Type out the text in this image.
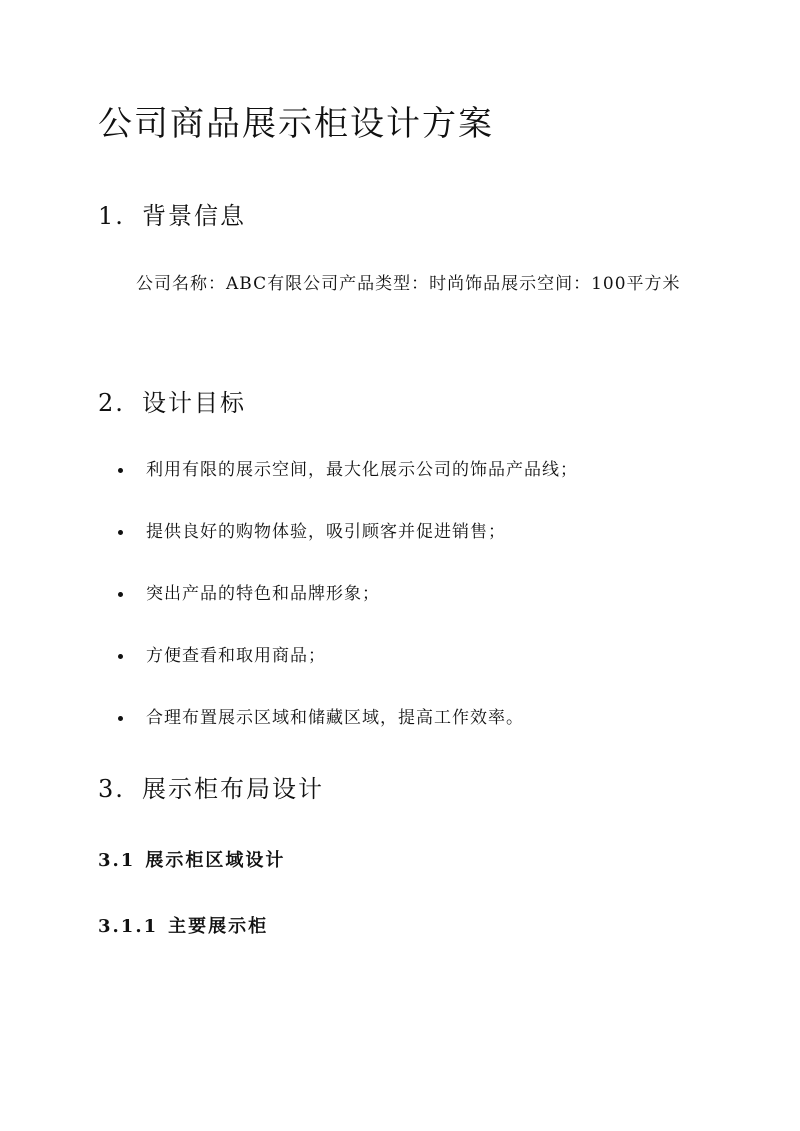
公司商品展示柜设计方案
1. 背景信息

公司名称：ABC有限公司产品类型：时尚饰品展示空间：100平方米

2. 设计目标
利用有限的展示空间，最大化展示公司的饰品产品线；
提供良好的购物体验，吸引顾客并促进销售；
突出产品的特色和品牌形象；
方便查看和取用商品；
合理布置展示区域和储藏区域，提高工作效率。
3. 展示柜布局设计
3.1 展示柜区域设计
3.1.1 主要展示柜
